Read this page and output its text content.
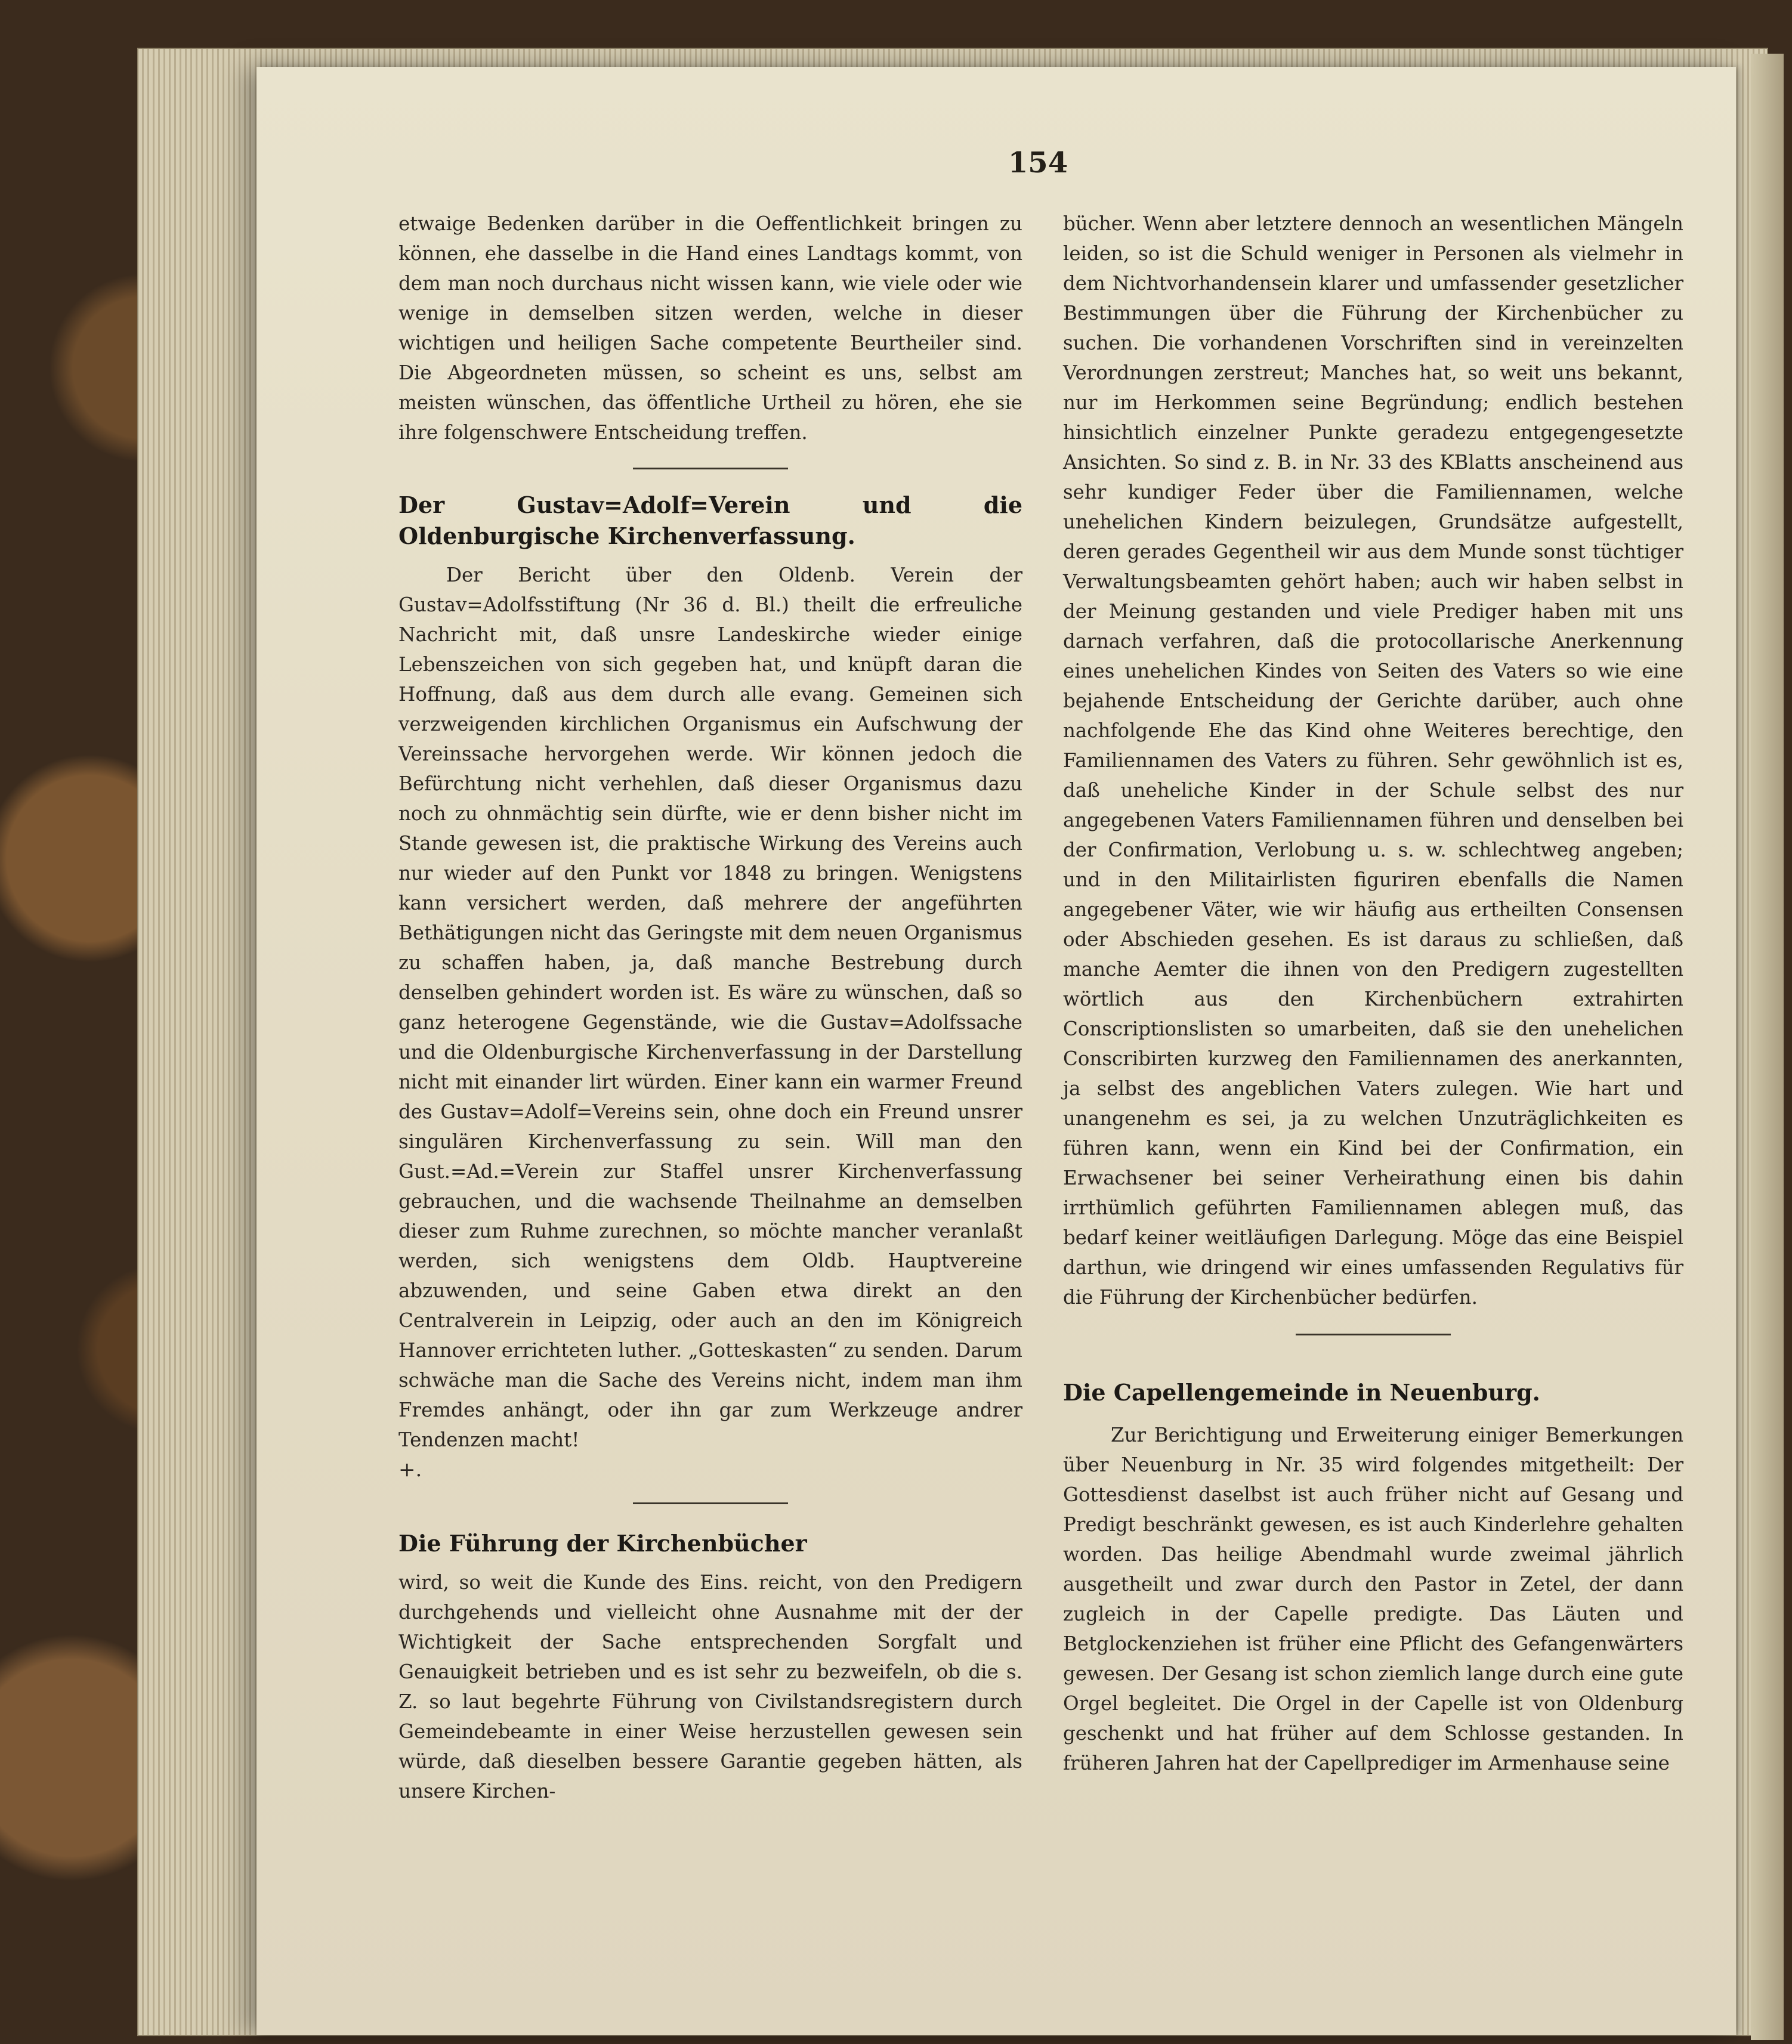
154

etwaige Bedenken darüber in die Oeffentlichkeit bringen zu können, ehe dasselbe in die Hand eines Landtags kommt, von dem man noch durchaus nicht wissen kann, wie viele oder wie wenige in demselben sitzen werden, welche in dieser wichtigen und heiligen Sache competente Beurtheiler sind. Die Abgeordneten müssen, so scheint es uns, selbst am meisten wünschen, das öffentliche Urtheil zu hören, ehe sie ihre folgenschwere Entscheidung treffen.

Der Gustav=Adolf=Verein und die Oldenburgische Kirchenverfassung.

Der Bericht über den Oldenb. Verein der Gustav=Adolfsstiftung (Nr 36 d. Bl.) theilt die erfreuliche Nachricht mit, daß unsre Landeskirche wieder einige Lebenszeichen von sich gegeben hat, und knüpft daran die Hoffnung, daß aus dem durch alle evang. Gemeinen sich verzweigenden kirchlichen Organismus ein Aufschwung der Vereinssache hervorgehen werde. Wir können jedoch die Befürchtung nicht verhehlen, daß dieser Organismus dazu noch zu ohnmächtig sein dürfte, wie er denn bisher nicht im Stande gewesen ist, die praktische Wirkung des Vereins auch nur wieder auf den Punkt vor 1848 zu bringen. Wenigstens kann versichert werden, daß mehrere der angeführten Bethätigungen nicht das Geringste mit dem neuen Organismus zu schaffen haben, ja, daß manche Bestrebung durch denselben gehindert worden ist. Es wäre zu wünschen, daß so ganz heterogene Gegenstände, wie die Gustav=Adolfssache und die Oldenburgische Kirchenverfassung in der Darstellung nicht mit einander lirt würden. Einer kann ein warmer Freund des Gustav=Adolf=Vereins sein, ohne doch ein Freund unsrer singulären Kirchenverfassung zu sein. Will man den Gust.=Ad.=Verein zur Staffel unsrer Kirchenverfassung gebrauchen, und die wachsende Theilnahme an demselben dieser zum Ruhme zurechnen, so möchte mancher veranlaßt werden, sich wenigstens dem Oldb. Hauptvereine abzuwenden, und seine Gaben etwa direkt an den Centralverein in Leipzig, oder auch an den im Königreich Hannover errichteten luther. „Gotteskasten“ zu senden. Darum schwäche man die Sache des Vereins nicht, indem man ihm Fremdes anhängt, oder ihn gar zum Werkzeuge andrer Tendenzen macht!

+.

Die Führung der Kirchenbücher

wird, so weit die Kunde des Eins. reicht, von den Predigern durchgehends und vielleicht ohne Ausnahme mit der der Wichtigkeit der Sache entsprechenden Sorgfalt und Genauigkeit betrieben und es ist sehr zu bezweifeln, ob die s. Z. so laut begehrte Führung von Civilstandsregistern durch Gemeindebeamte in einer Weise herzustellen gewesen sein würde, daß dieselben bessere Garantie gegeben hätten, als unsere Kirchen-

bücher. Wenn aber letztere dennoch an wesentlichen Mängeln leiden, so ist die Schuld weniger in Personen als vielmehr in dem Nichtvorhandensein klarer und umfassender gesetzlicher Bestimmungen über die Führung der Kirchenbücher zu suchen. Die vorhandenen Vorschriften sind in vereinzelten Verordnungen zerstreut; Manches hat, so weit uns bekannt, nur im Herkommen seine Begründung; endlich bestehen hinsichtlich einzelner Punkte geradezu entgegengesetzte Ansichten. So sind z. B. in Nr. 33 des KBlatts anscheinend aus sehr kundiger Feder über die Familiennamen, welche unehelichen Kindern beizulegen, Grundsätze aufgestellt, deren gerades Gegentheil wir aus dem Munde sonst tüchtiger Verwaltungsbeamten gehört haben; auch wir haben selbst in der Meinung gestanden und viele Prediger haben mit uns darnach verfahren, daß die protocollarische Anerkennung eines unehelichen Kindes von Seiten des Vaters so wie eine bejahende Entscheidung der Gerichte darüber, auch ohne nachfolgende Ehe das Kind ohne Weiteres berechtige, den Familiennamen des Vaters zu führen. Sehr gewöhnlich ist es, daß uneheliche Kinder in der Schule selbst des nur angegebenen Vaters Familiennamen führen und denselben bei der Confirmation, Verlobung u. s. w. schlechtweg angeben; und in den Militairlisten figuriren ebenfalls die Namen angegebener Väter, wie wir häufig aus ertheilten Consensen oder Abschieden gesehen. Es ist daraus zu schließen, daß manche Aemter die ihnen von den Predigern zugestellten wörtlich aus den Kirchenbüchern extrahirten Conscriptionslisten so umarbeiten, daß sie den unehelichen Conscribirten kurzweg den Familiennamen des anerkannten, ja selbst des angeblichen Vaters zulegen. Wie hart und unangenehm es sei, ja zu welchen Unzuträglichkeiten es führen kann, wenn ein Kind bei der Confirmation, ein Erwachsener bei seiner Verheirathung einen bis dahin irrthümlich geführten Familiennamen ablegen muß, das bedarf keiner weitläufigen Darlegung. Möge das eine Beispiel darthun, wie dringend wir eines umfassenden Regulativs für die Führung der Kirchenbücher bedürfen.

Die Capellengemeinde in Neuenburg.

Zur Berichtigung und Erweiterung einiger Bemerkungen über Neuenburg in Nr. 35 wird folgendes mitgetheilt: Der Gottesdienst daselbst ist auch früher nicht auf Gesang und Predigt beschränkt gewesen, es ist auch Kinderlehre gehalten worden. Das heilige Abendmahl wurde zweimal jährlich ausgetheilt und zwar durch den Pastor in Zetel, der dann zugleich in der Capelle predigte. Das Läuten und Betglockenziehen ist früher eine Pflicht des Gefangenwärters gewesen. Der Gesang ist schon ziemlich lange durch eine gute Orgel begleitet. Die Orgel in der Capelle ist von Oldenburg geschenkt und hat früher auf dem Schlosse gestanden. In früheren Jahren hat der Capellprediger im Armenhause seine
